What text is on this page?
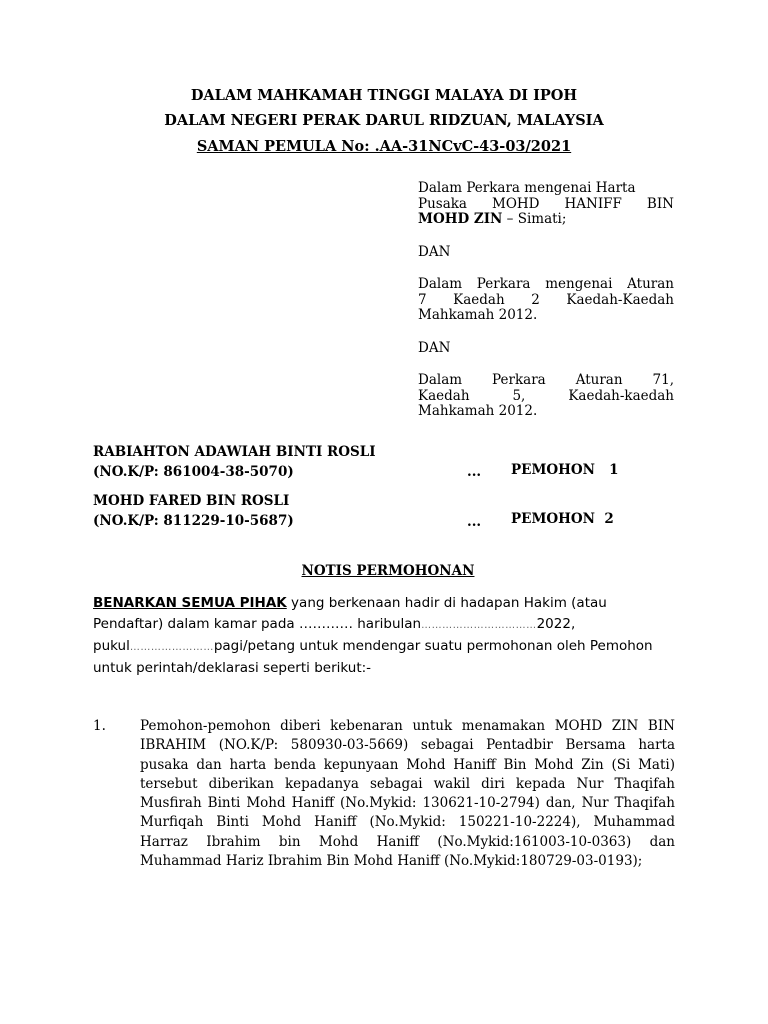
DALAM MAHKAMAH TINGGI MALAYA DI IPOH
DALAM NEGERI PERAK DARUL RIDZUAN, MALAYSIA
SAMAN PEMULA No: .AA-31NCvC-43-03/2021

Dalam Perkara mengenai Harta

Pusaka MOHD HANIFF BIN
MOHD ZIN – Simati;

DAN

Dalam Perkara mengenai Aturan
7 Kaedah 2 Kaedah-Kaedah
Mahkamah 2012.

DAN

Dalam Perkara Aturan 71,
Kaedah 5, Kaedah-kaedah
Mahkamah 2012.

RABIAHTON ADAWIAH BINTI ROSLI
(NO.K/P: 861004-38-5070)	... PEMOHON   1
MOHD FARED BIN ROSLI
(NO.K/P: 811229-10-5687)	... PEMOHON  2
NOTIS PERMOHONAN
BENARKAN SEMUA PIHAK yang berkenaan hadir di hadapan Hakim (atau Pendaftar) dalam kamar pada ………… haribulan……………………………2022, pukul……………………pagi/petang untuk mendengar suatu permohonan oleh Pemohon untuk perintah/deklarasi seperti berikut:-
1.	Pemohon-pemohon diberi kebenaran untuk menamakan MOHD ZIN BIN IBRAHIM (NO.K/P: 580930-03-5669) sebagai Pentadbir Bersama harta pusaka dan harta benda kepunyaan Mohd Haniff Bin Mohd Zin (Si Mati) tersebut diberikan kepadanya sebagai wakil diri kepada Nur Thaqifah Musfirah Binti Mohd Haniff (No.Mykid: 130621-10-2794) dan, Nur Thaqifah Murfiqah Binti Mohd Haniff (No.Mykid: 150221-10-2224), Muhammad Harraz Ibrahim bin Mohd Haniff (No.Mykid:161003-10-0363) dan Muhammad Hariz Ibrahim Bin Mohd Haniff (No.Mykid:180729-03-0193);
